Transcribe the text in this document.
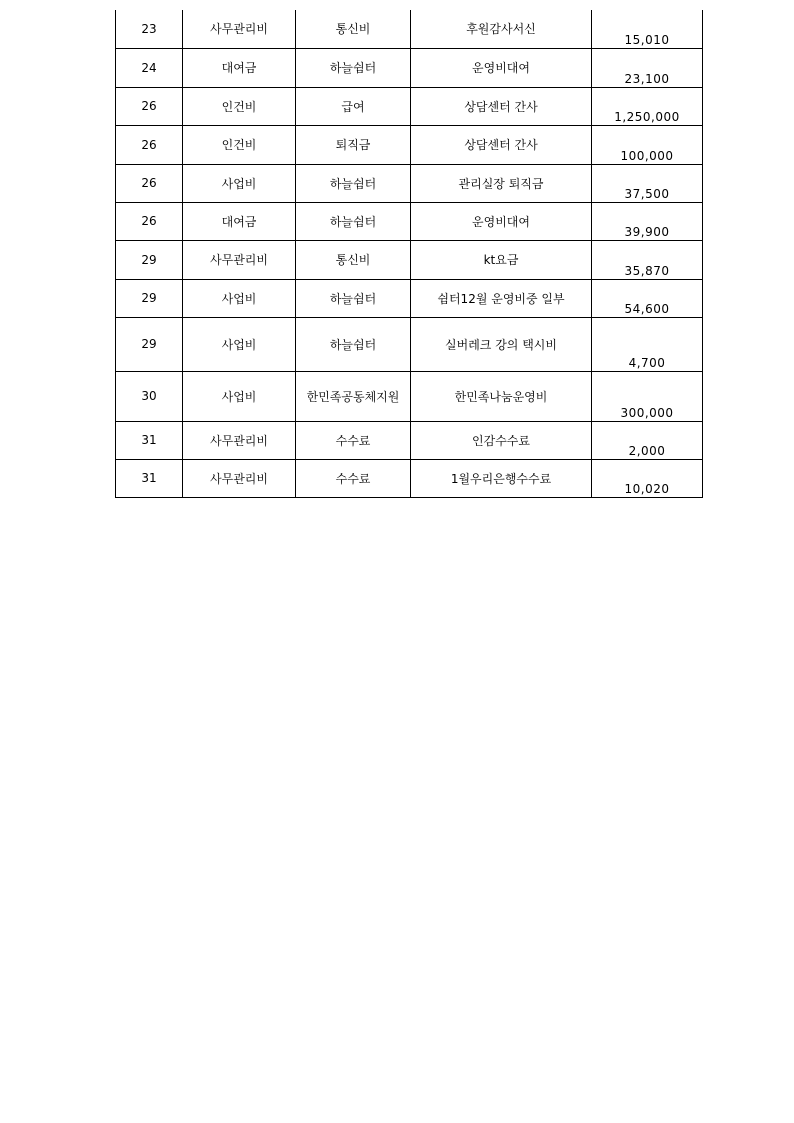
23	사무관리비	통신비	후원감사서신	15,010
24	대여금	하늘쉼터	운영비대여	23,100
26	인건비	급여	상담센터 간사	1,250,000
26	인건비	퇴직금	상담센터 간사	100,000
26	사업비	하늘쉼터	관리실장 퇴직금	37,500
26	대여금	하늘쉼터	운영비대여	39,900
29	사무관리비	통신비	kt요금	35,870
29	사업비	하늘쉼터	쉼터12월 운영비중 일부	54,600
29	사업비	하늘쉼터	실버레크 강의 택시비	4,700
30	사업비	한민족공동체지원	한민족나눔운영비	300,000
31	사무관리비	수수료	인감수수료	2,000
31	사무관리비	수수료	1월우리은행수수료	10,020
